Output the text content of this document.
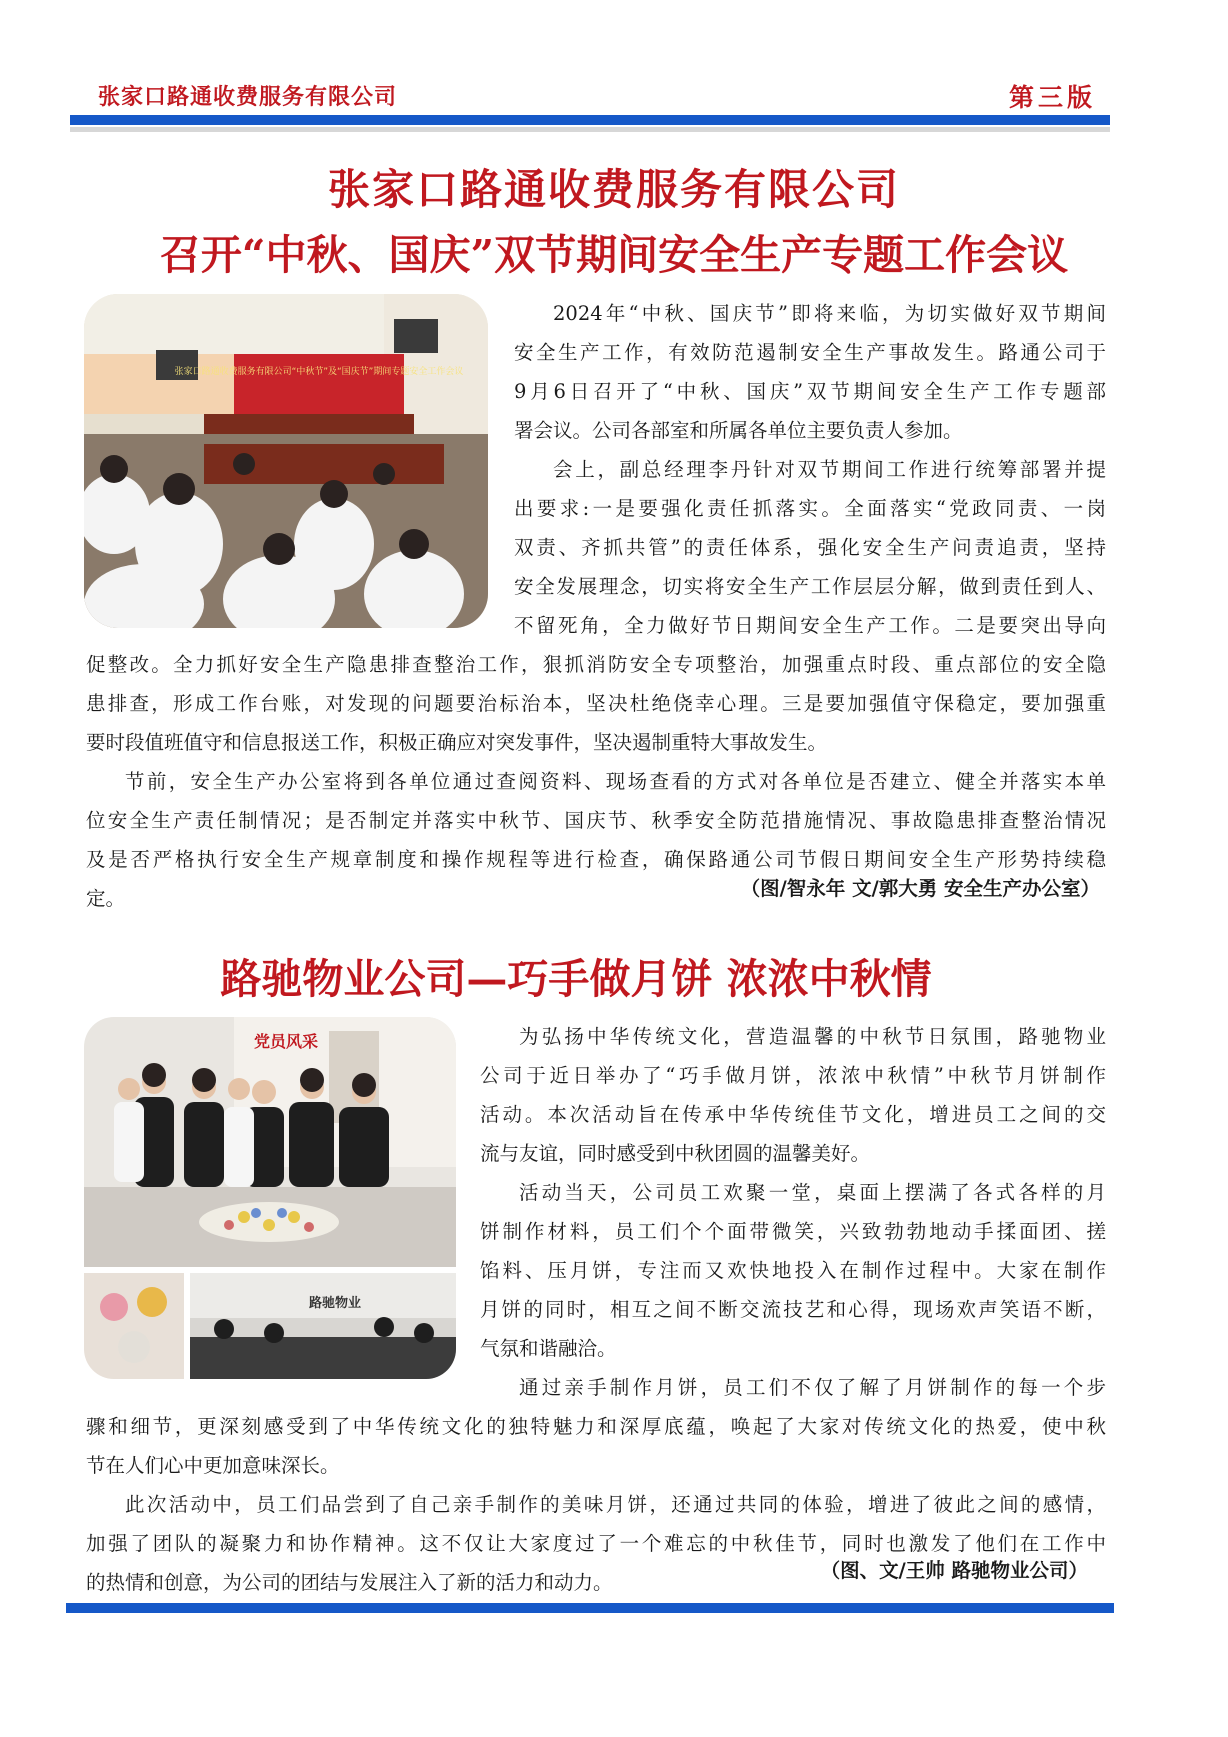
张家口路通收费服务有限公司	第三版
张家口路通收费服务有限公司
召开“中秋、国庆”双节期间安全生产专题工作会议
张家口路通收费服务有限公司“中秋节”及“国庆节”期间专题安全工作会议
2024年“中秋、国庆节”即将来临，为切实做好双节期间
安全生产工作，有效防范遏制安全生产事故发生。路通公司于
9月6日召开了“中秋、国庆”双节期间安全生产工作专题部
署会议。公司各部室和所属各单位主要负责人参加。
会上，副总经理李丹针对双节期间工作进行统筹部署并提
出要求:一是要强化责任抓落实。全面落实“党政同责、一岗
双责、齐抓共管”的责任体系，强化安全生产问责追责，坚持
安全发展理念，切实将安全生产工作层层分解，做到责任到人、
不留死角，全力做好节日期间安全生产工作。二是要突出导向
促整改。全力抓好安全生产隐患排查整治工作，狠抓消防安全专项整治，加强重点时段、重点部位的安全隐
患排查，形成工作台账，对发现的问题要治标治本，坚决杜绝侥幸心理。三是要加强值守保稳定，要加强重
要时段值班值守和信息报送工作，积极正确应对突发事件，坚决遏制重特大事故发生。
节前，安全生产办公室将到各单位通过查阅资料、现场查看的方式对各单位是否建立、健全并落实本单
位安全生产责任制情况；是否制定并落实中秋节、国庆节、秋季安全防范措施情况、事故隐患排查整治情况
及是否严格执行安全生产规章制度和操作规程等进行检查，确保路通公司节假日期间安全生产形势持续稳
定。	（图/智永年 文/郭大勇 安全生产办公室）
路驰物业公司—巧手做月饼 浓浓中秋情
党员风采
路驰物业
为弘扬中华传统文化，营造温馨的中秋节日氛围，路驰物业
公司于近日举办了“巧手做月饼，浓浓中秋情”中秋节月饼制作
活动。本次活动旨在传承中华传统佳节文化，增进员工之间的交
流与友谊，同时感受到中秋团圆的温馨美好。
活动当天，公司员工欢聚一堂，桌面上摆满了各式各样的月
饼制作材料，员工们个个面带微笑，兴致勃勃地动手揉面团、搓
馅料、压月饼，专注而又欢快地投入在制作过程中。大家在制作
月饼的同时，相互之间不断交流技艺和心得，现场欢声笑语不断，
气氛和谐融洽。
通过亲手制作月饼，员工们不仅了解了月饼制作的每一个步
骤和细节，更深刻感受到了中华传统文化的独特魅力和深厚底蕴，唤起了大家对传统文化的热爱，使中秋
节在人们心中更加意味深长。
此次活动中，员工们品尝到了自己亲手制作的美味月饼，还通过共同的体验，增进了彼此之间的感情，
加强了团队的凝聚力和协作精神。这不仅让大家度过了一个难忘的中秋佳节，同时也激发了他们在工作中
的热情和创意，为公司的团结与发展注入了新的活力和动力。
（图、文/王帅 路驰物业公司）
